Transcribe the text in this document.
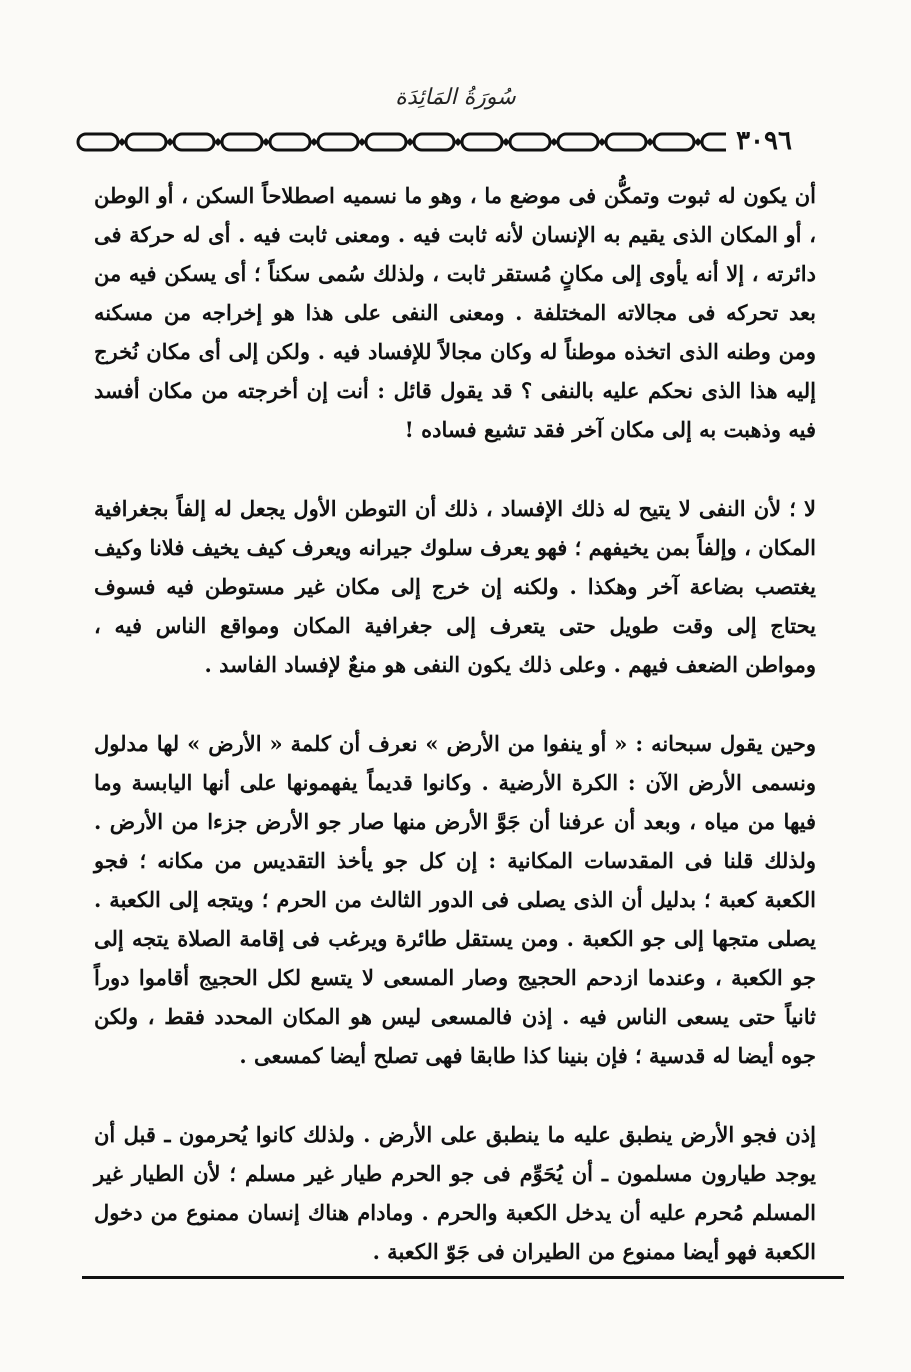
سُورَةُ المَائِدَة
٣٠٩٦

أن يكون له ثبوت وتمكُّن فى موضع ما ، وهو ما نسميه اصطلاحاً السكن ، أو الوطن ، أو المكان الذى يقيم به الإنسان لأنه ثابت فيه . ومعنى ثابت فيه . أى له حركة فى دائرته ، إلا أنه يأوى إلى مكانٍ مُستقر ثابت ، ولذلك سُمى سكناً ؛ أى يسكن فيه من بعد تحركه فى مجالاته المختلفة . ومعنى النفى على هذا هو إخراجه من مسكنه ومن وطنه الذى اتخذه موطناً له وكان مجالاً للإفساد فيه . ولكن إلى أى مكان نُخرج إليه هذا الذى نحكم عليه بالنفى ؟ قد يقول قائل : أنت إن أخرجته من مكان أفسد فيه وذهبت به إلى مكان آخر فقد تشيع فساده !

لا ؛ لأن النفى لا يتيح له ذلك الإفساد ، ذلك أن التوطن الأول يجعل له إلفاً بجغرافية المكان ، وإلفاً بمن يخيفهم ؛ فهو يعرف سلوك جيرانه ويعرف كيف يخيف فلانا وكيف يغتصب بضاعة آخر وهكذا . ولكنه إن خرج إلى مكان غير مستوطن فيه فسوف يحتاج إلى وقت طويل حتى يتعرف إلى جغرافية المكان ومواقع الناس فيه ، ومواطن الضعف فيهم . وعلى ذلك يكون النفى هو منعٌ لإفساد الفاسد .

وحين يقول سبحانه : « أو ينفوا من الأرض » نعرف أن كلمة « الأرض » لها مدلول ونسمى الأرض الآن : الكرة الأرضية . وكانوا قديماً يفهمونها على أنها اليابسة وما فيها من مياه ، وبعد أن عرفنا أن جَوَّ الأرض منها صار جو الأرض جزءا من الأرض . ولذلك قلنا فى المقدسات المكانية : إن كل جو يأخذ التقديس من مكانه ؛ فجو الكعبة كعبة ؛ بدليل أن الذى يصلى فى الدور الثالث من الحرم ؛ ويتجه إلى الكعبة . يصلى متجها إلى جو الكعبة . ومن يستقل طائرة ويرغب فى إقامة الصلاة يتجه إلى جو الكعبة ، وعندما ازدحم الحجيج وصار المسعى لا يتسع لكل الحجيج أقاموا دوراً ثانياً حتى يسعى الناس فيه . إذن فالمسعى ليس هو المكان المحدد فقط ، ولكن جوه أيضا له قدسية ؛ فإن بنينا كذا طابقا فهى تصلح أيضا كمسعى .

إذن فجو الأرض ينطبق عليه ما ينطبق على الأرض . ولذلك كانوا يُحرمون ـ قبل أن يوجد طيارون مسلمون ـ أن يُحَوِّم فى جو الحرم طيار غير مسلم ؛ لأن الطيار غير المسلم مُحرم عليه أن يدخل الكعبة والحرم . ومادام هناك إنسان ممنوع من دخول الكعبة فهو أيضا ممنوع من الطيران فى جَوّ الكعبة .
